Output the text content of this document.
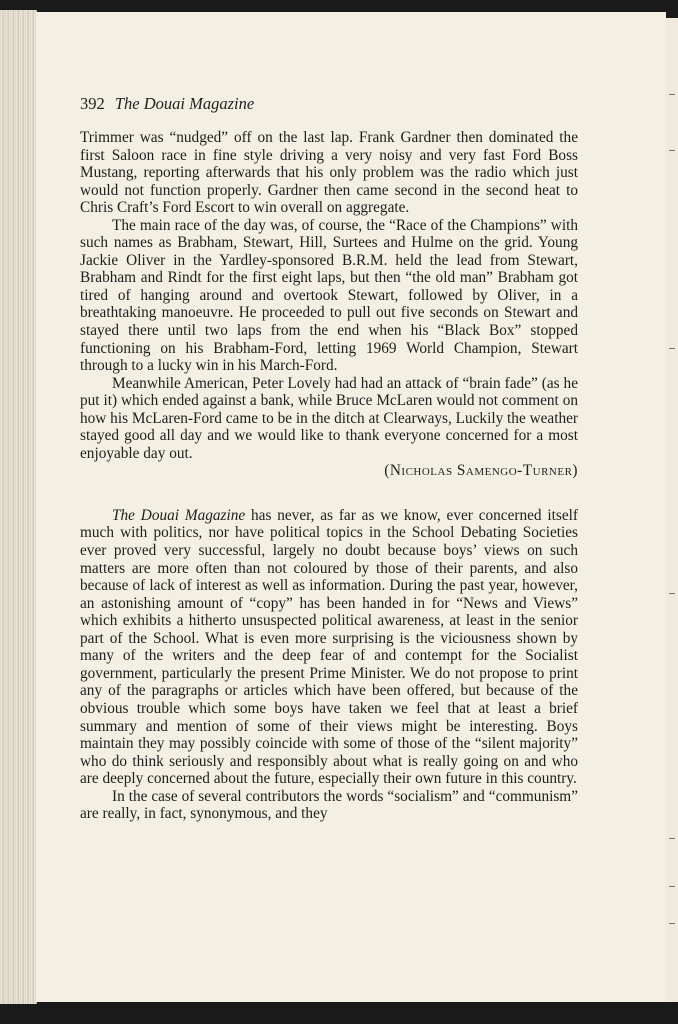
392 The Douai Magazine

Trimmer was “nudged” off on the last lap. Frank Gardner then dominated the first Saloon race in fine style driving a very noisy and very fast Ford Boss Mustang, reporting afterwards that his only problem was the radio which just would not function properly. Gardner then came second in the second heat to Chris Craft’s Ford Escort to win overall on aggregate.

The main race of the day was, of course, the “Race of the Champions” with such names as Brabham, Stewart, Hill, Surtees and Hulme on the grid. Young Jackie Oliver in the Yardley-sponsored B.R.M. held the lead from Stewart, Brabham and Rindt for the first eight laps, but then “the old man” Brabham got tired of hanging around and overtook Stewart, followed by Oliver, in a breathtaking manoeuvre. He proceeded to pull out five seconds on Stewart and stayed there until two laps from the end when his “Black Box” stopped functioning on his Brabham-Ford, letting 1969 World Champion, Stewart through to a lucky win in his March-Ford.

Meanwhile American, Peter Lovely had had an attack of “brain fade” (as he put it) which ended against a bank, while Bruce McLaren would not comment on how his McLaren-Ford came to be in the ditch at Clearways, Luckily the weather stayed good all day and we would like to thank everyone concerned for a most enjoyable day out.

(Nicholas Samengo-Turner)

The Douai Magazine has never, as far as we know, ever concerned itself much with politics, nor have political topics in the School Debating Societies ever proved very successful, largely no doubt because boys’ views on such matters are more often than not coloured by those of their parents, and also because of lack of interest as well as information. During the past year, however, an astonishing amount of “copy” has been handed in for “News and Views” which exhibits a hitherto unsuspected political awareness, at least in the senior part of the School. What is even more surprising is the viciousness shown by many of the writers and the deep fear of and contempt for the Socialist government, particularly the present Prime Minister. We do not propose to print any of the paragraphs or articles which have been offered, but because of the obvious trouble which some boys have taken we feel that at least a brief summary and mention of some of their views might be interesting. Boys maintain they may possibly coincide with some of those of the “silent majority” who do think seriously and responsibly about what is really going on and who are deeply concerned about the future, especially their own future in this country.

In the case of several contributors the words “socialism” and “communism” are really, in fact, synonymous, and they
